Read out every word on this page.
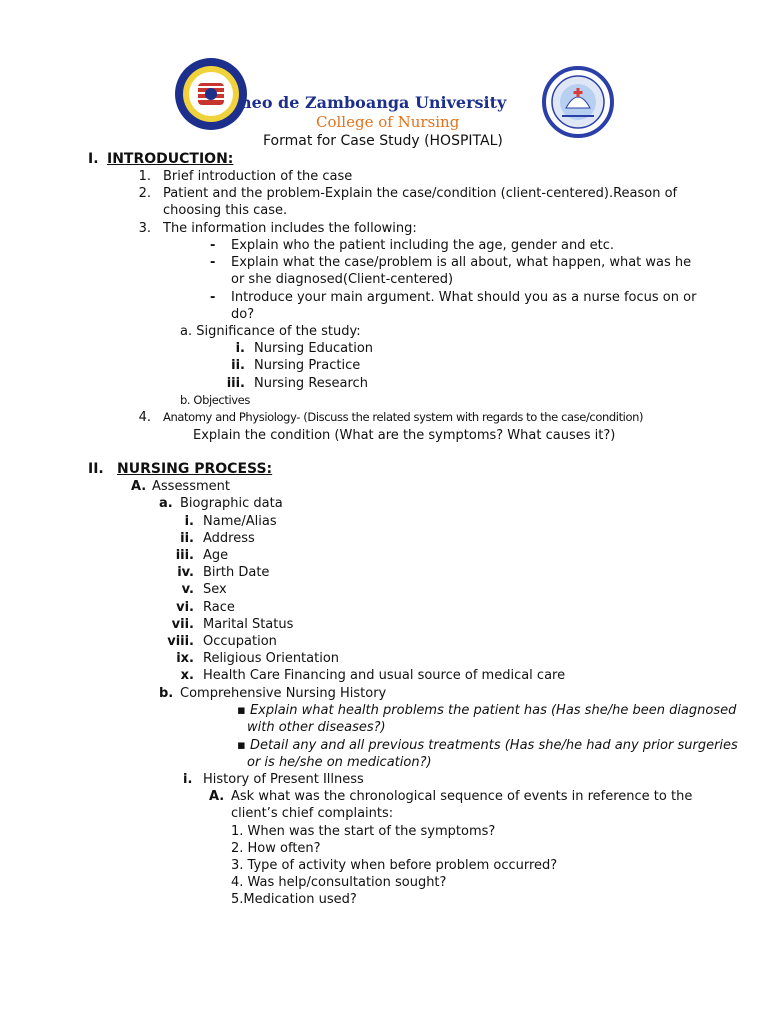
neo de Zamboanga University
College of Nursing
Format for Case Study (HOSPITAL)
I. INTRODUCTION:
1. Brief introduction of the case
2. Patient and the problem-Explain the case/condition (client-centered).Reason of
choosing this case.
3. The information includes the following:
- Explain who the patient including the age, gender and etc.
- Explain what the case/problem is all about, what happen, what was he
or she diagnosed(Client-centered)
- Introduce your main argument. What should you as a nurse focus on or
do?
a. Significance of the study:
i. Nursing Education
ii. Nursing Practice
iii. Nursing Research
b. Objectives
4. Anatomy and Physiology- (Discuss the related system with regards to the case/condition)
Explain the condition (What are the symptoms? What causes it?)
II. NURSING PROCESS:
A. Assessment
a. Biographic data
i. Name/Alias
ii. Address
iii. Age
iv. Birth Date
v. Sex
vi. Race
vii. Marital Status
viii. Occupation
ix. Religious Orientation
x. Health Care Financing and usual source of medical care
b. Comprehensive Nursing History
▪ Explain what health problems the patient has (Has she/he been diagnosed
with other diseases?)
▪ Detail any and all previous treatments (Has she/he had any prior surgeries
or is he/she on medication?)
i. History of Present Illness
A. Ask what was the chronological sequence of events in reference to the
client’s chief complaints:
1. When was the start of the symptoms?
2. How often?
3. Type of activity when before problem occurred?
4. Was help/consultation sought?
5.Medication used?
